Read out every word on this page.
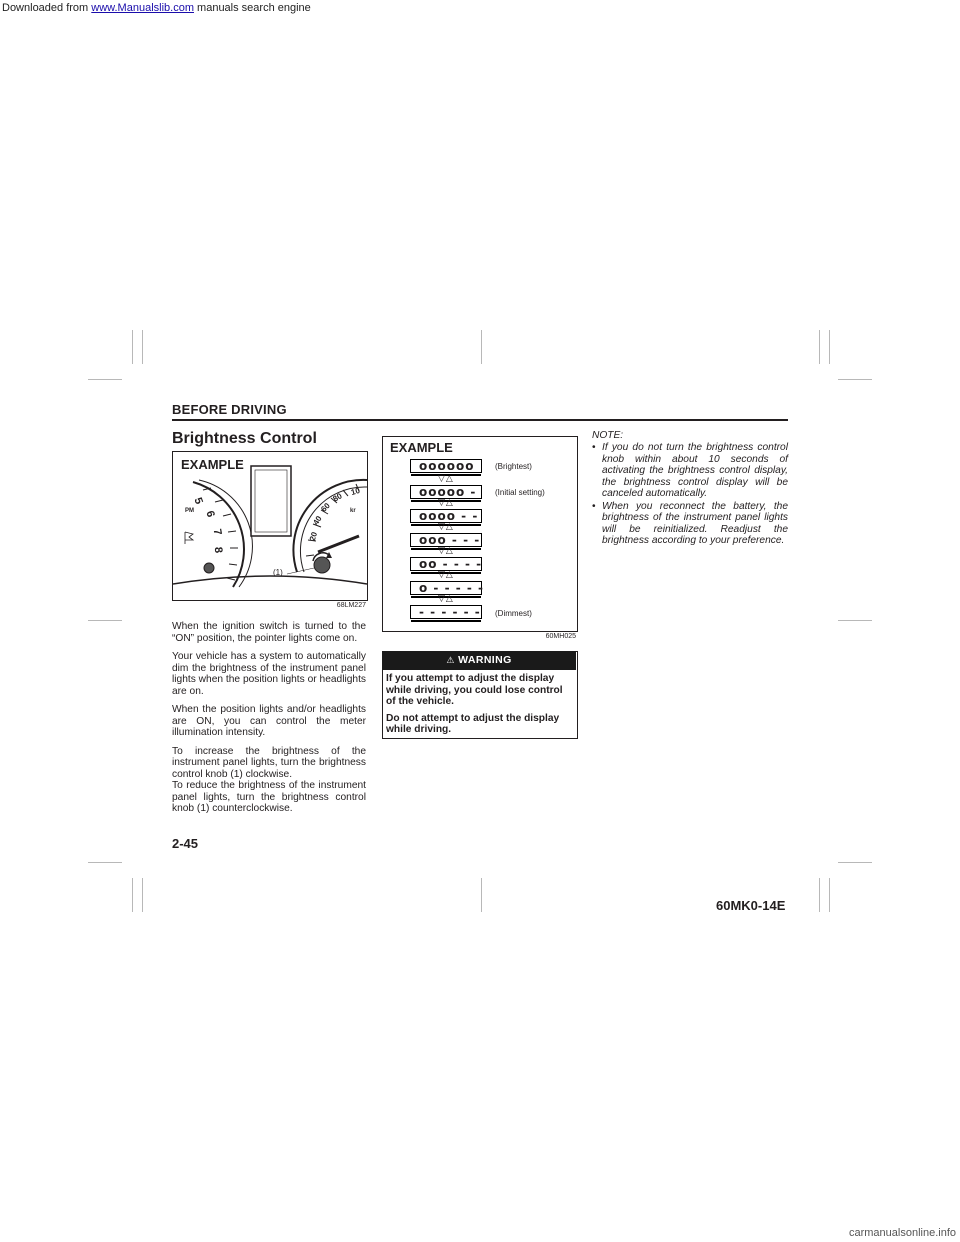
Downloaded from www.Manualslib.com manuals search engine
BEFORE DRIVING
Brightness Control
EXAMPLE
PM
5
6
7
8
20
40
60
80 10
kr
(1)
68LM227

When the ignition switch is turned to the “ON” position, the pointer lights come on.

Your vehicle has a system to automatically dim the brightness of the instrument panel lights when the position lights or headlights are on.

When the position lights and/or headlights are ON, you can control the meter illumination intensity.

To increase the brightness of the instrument panel lights, turn the brightness control knob (1) clockwise.

To reduce the brightness of the instrument panel lights, turn the brightness control knob (1) counterclockwise.

EXAMPLE
oooooo
▽△
ooooo -
▽△
oooo - -
▽△
ooo - - -
▽△
oo - - - -
▽△
o - - - - -
▽△
- - - - - -
(Brightest)
(Initial setting)
(Dimmest)
60MH025
⚠ WARNING

If you attempt to adjust the display while driving, you could lose control of the vehicle.

Do not attempt to adjust the display while driving.

NOTE:
• If you do not turn the brightness control knob within about 10 seconds of activating the brightness control display, the brightness control display will be canceled automatically.
• When you reconnect the battery, the brightness of the instrument panel lights will be reinitialized. Readjust the brightness according to your preference.
2-45
60MK0-14E
carmanualsonline.info
